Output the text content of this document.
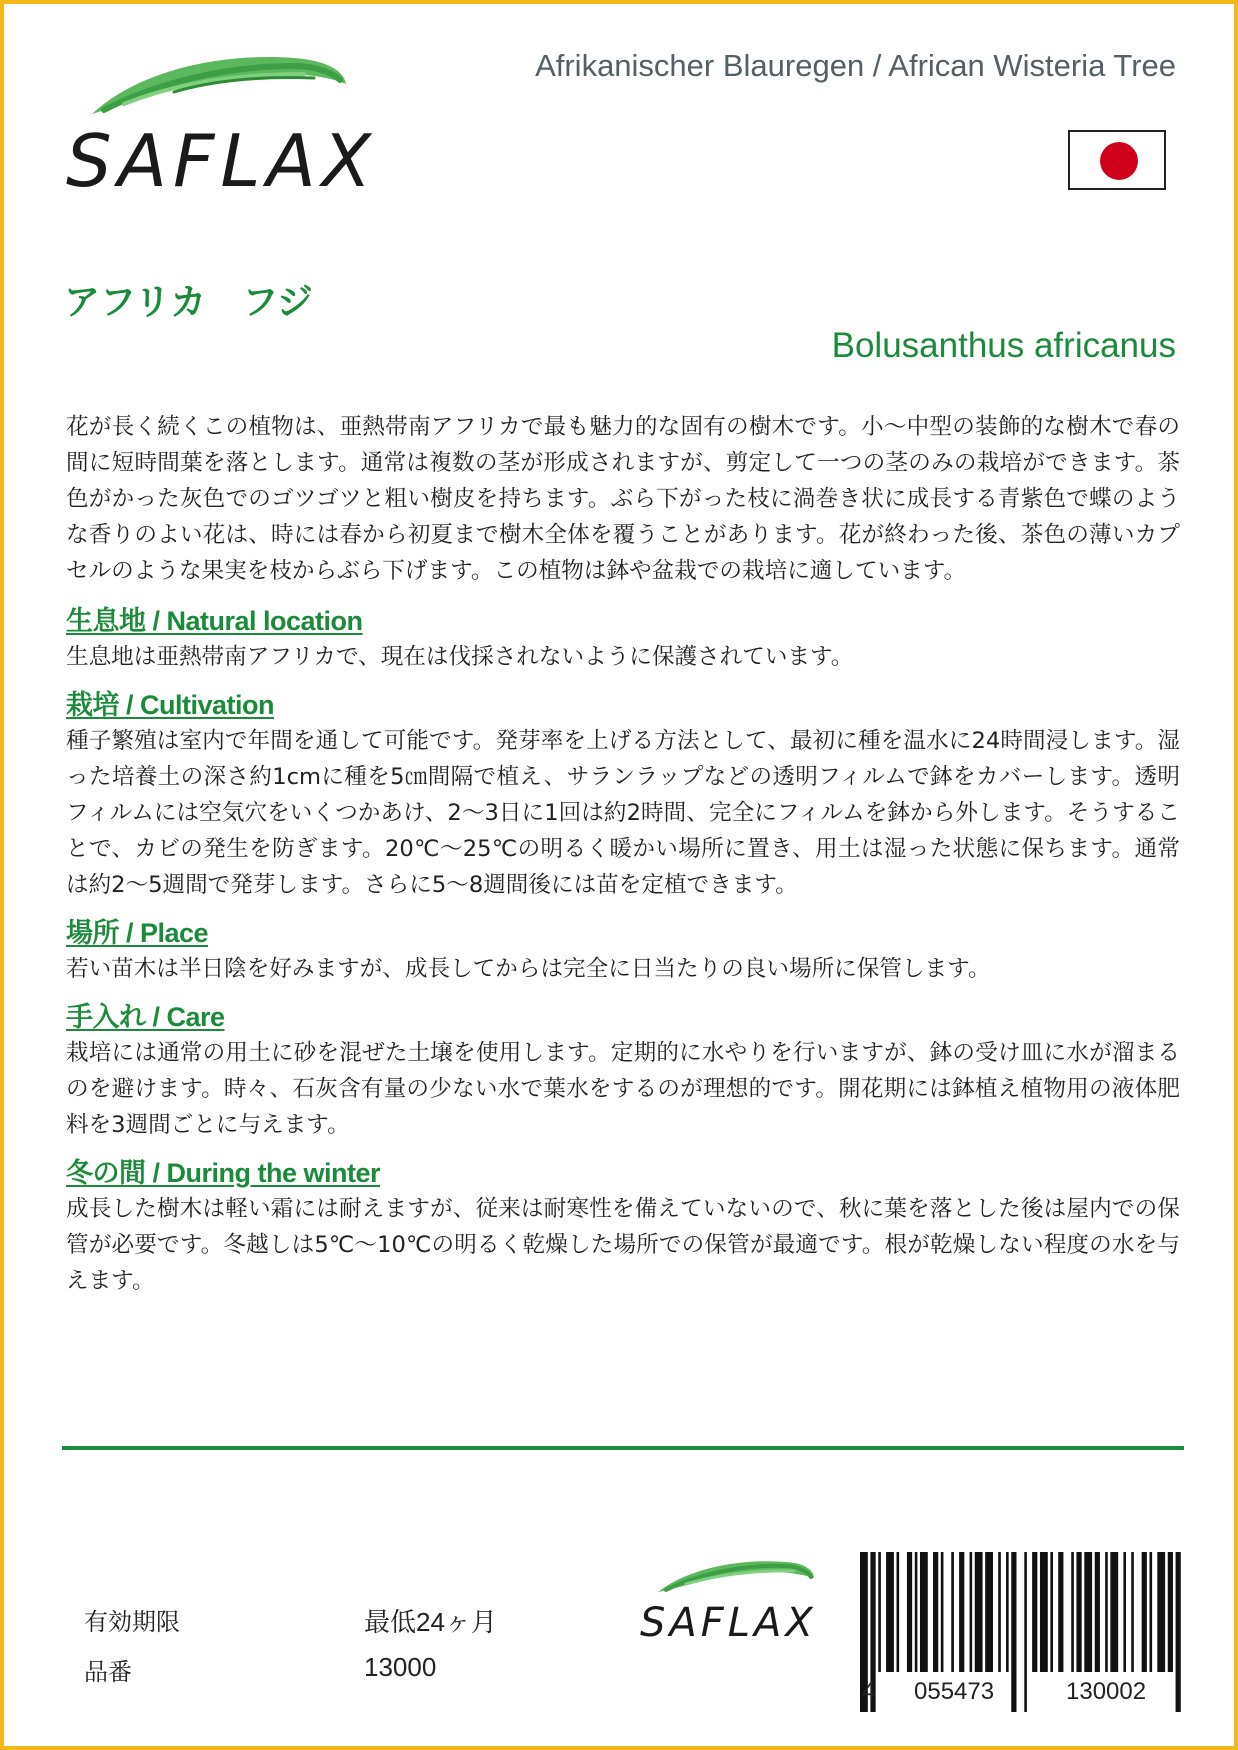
SAFLAX
Afrikanischer Blauregen / African Wisteria Tree
アフリカ　フジ
Bolusanthus africanus

花が長く続くこの植物は、亜熱帯南アフリカで最も魅力的な固有の樹木です。小～中型の装飾的な樹木で春の間に短時間葉を落とします。通常は複数の茎が形成されますが、剪定して一つの茎のみの栽培ができます。茶色がかった灰色でのゴツゴツと粗い樹皮を持ちます。ぶら下がった枝に渦巻き状に成長する青紫色で蝶のような香りのよい花は、時には春から初夏まで樹木全体を覆うことがあります。花が終わった後、茶色の薄いカプセルのような果実を枝からぶら下げます。この植物は鉢や盆栽での栽培に適しています。

生息地 / Natural location

生息地は亜熱帯南アフリカで、現在は伐採されないように保護されています。

栽培 / Cultivation

種子繁殖は室内で年間を通して可能です。発芽率を上げる方法として、最初に種を温水に24時間浸します。湿った培養土の深さ約1cmに種を5㎝間隔で植え、サランラップなどの透明フィルムで鉢をカバーします。透明フィルムには空気穴をいくつかあけ、2～3日に1回は約2時間、完全にフィルムを鉢から外します。そうすることで、カビの発生を防ぎます。20℃〜25℃の明るく暖かい場所に置き、用土は湿った状態に保ちます。通常は約2～5週間で発芽します。さらに5〜8週間後には苗を定植できます。

場所 / Place

若い苗木は半日陰を好みますが、成長してからは完全に日当たりの良い場所に保管します。

手入れ / Care

栽培には通常の用土に砂を混ぜた土壌を使用します。定期的に水やりを行いますが、鉢の受け皿に水が溜まるのを避けます。時々、石灰含有量の少ない水で葉水をするのが理想的です。開花期には鉢植え植物用の液体肥料を3週間ごとに与えます。

冬の間 / During the winter

成長した樹木は軽い霜には耐えますが、従来は耐寒性を備えていないので、秋に葉を落とした後は屋内での保管が必要です。冬越しは5℃〜10℃の明るく乾燥した場所での保管が最適です。根が乾燥しない程度の水を与えます。

有効期限	最低24ヶ月
品番	13000
SAFLAX
4 055473	130002
